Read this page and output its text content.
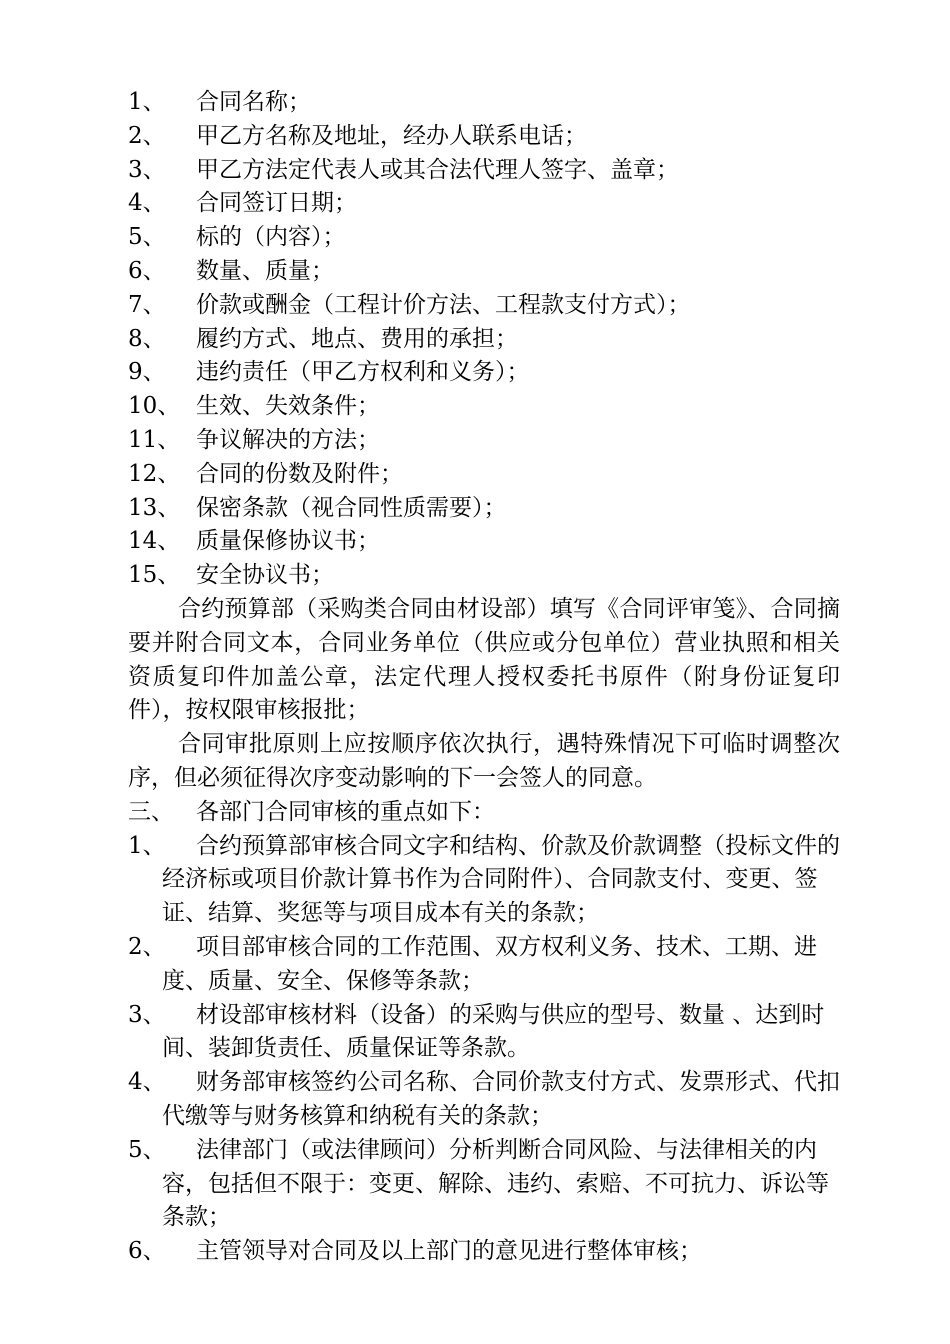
1、	合同名称；
2、	甲乙方名称及地址，经办人联系电话；
3、	甲乙方法定代表人或其合法代理人签字、盖章；
4、	合同签订日期；
5、	标的（内容）；
6、	数量、质量；
7、	价款或酬金（工程计价方法、工程款支付方式）；
8、	履约方式、地点、费用的承担；
9、	违约责任（甲乙方权利和义务）；
10、 生效、失效条件；
11、 争议解决的方法；
12、 合同的份数及附件；
13、 保密条款（视合同性质需要）；
14、 质量保修协议书；
15、 安全协议书；
合约预算部（采购类合同由材设部）填写《合同评审笺》、合同摘要并附合同文本，合同业务单位（供应或分包单位）营业执照和相关资质复印件加盖公章，法定代理人授权委托书原件（附身份证复印件），按权限审核报批；
合同审批原则上应按顺序依次执行，遇特殊情况下可临时调整次序，但必须征得次序变动影响的下一会签人的同意。
三、 各部门合同审核的重点如下：
1、	合约预算部审核合同文字和结构、价款及价款调整（投标文件的经济标或项目价款计算书作为合同附件）、合同款支付、变更、签证、结算、奖惩等与项目成本有关的条款；
2、	项目部审核合同的工作范围、双方权利义务、技术、工期、进度、质量、安全、保修等条款；
3、	材设部审核材料（设备）的采购与供应的型号、数量 、达到时间、装卸货责任、质量保证等条款。
4、	财务部审核签约公司名称、合同价款支付方式、发票形式、代扣代缴等与财务核算和纳税有关的条款；
5、	法律部门（或法律顾问）分析判断合同风险、与法律相关的内容，包括但不限于：变更、解除、违约、索赔、不可抗力、诉讼等条款；
6、	主管领导对合同及以上部门的意见进行整体审核；
